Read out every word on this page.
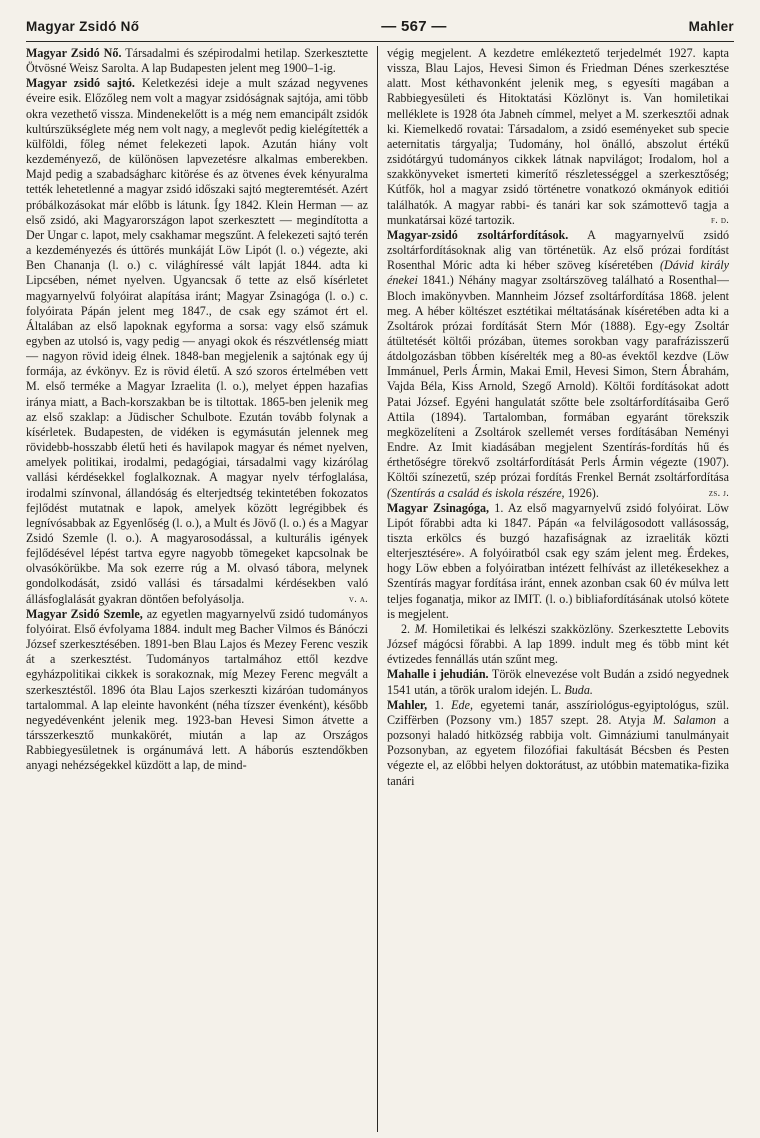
Magyar Zsidó Nő	— 567 —	Mahler

Magyar Zsidó Nő. Társadalmi és szépirodalmi hetilap. Szerkesztette Ötvösné Weisz Sarolta. A lap Budapesten jelent meg 1900–1-ig.

Magyar zsidó sajtó. Keletkezési ideje a mult század negyvenes éveire esik. Előzőleg nem volt a magyar zsidóságnak sajtója, ami több okra vezethető vissza. Mindenekelőtt is a még nem emancipált zsidók kultúrszükséglete még nem volt nagy, a meglevőt pedig kielégítették a külföldi, főleg német felekezeti lapok. Azután hiány volt kezdeményező, de különösen lapvezetésre alkalmas emberekben. Majd pedig a szabadságharc kitörése és az ötvenes évek kényuralma tették lehetetlenné a magyar zsidó időszaki sajtó megteremtését. Azért próbálkozásokat már előbb is látunk. Így 1842. Klein Herman — az első zsidó, aki Magyarországon lapot szerkesztett — megindította a Der Ungar c. lapot, mely csakhamar megszűnt. A felekezeti sajtó terén a kezdeményezés és úttörés munkáját Löw Lipót (l. o.) végezte, aki Ben Chananja (l. o.) c. világhíressé vált lapját 1844. adta ki Lipcsében, német nyelven. Ugyancsak ő tette az első kísérletet magyarnyelvű folyóirat alapítása iránt; Magyar Zsinagóga (l. o.) c. folyóirata Pápán jelent meg 1847., de csak egy számot ért el. Általában az első lapoknak egyforma a sorsa: vagy első számuk egyben az utolsó is, vagy pedig — anyagi okok és részvétlenség miatt — nagyon rövid ideig élnek. 1848-ban megjelenik a sajtónak egy új formája, az évkönyv. Ez is rövid életű. A szó szoros értelmében vett M. első terméke a Magyar Izraelita (l. o.), melyet éppen hazafias iránya miatt, a Bach-korszakban be is tiltottak. 1865-ben jelenik meg az első szaklap: a Jüdischer Schulbote. Ezután tovább folynak a kísérletek. Budapesten, de vidéken is egymásután jelennek meg rövidebb-hosszabb életű heti és havilapok magyar és német nyelven, amelyek politikai, irodalmi, pedagógiai, társadalmi vagy kizárólag vallási kérdésekkel foglalkoznak. A magyar nyelv térfoglalása, irodalmi színvonal, állandóság és elterjedtség tekintetében fokozatos fejlődést mutatnak e lapok, amelyek között legrégibbek és legnívósabbak az Egyenlőség (l. o.), a Mult és Jövő (l. o.) és a Magyar Zsidó Szemle (l. o.). A magyarosodással, a kulturális igények fejlődésével lépést tartva egyre nagyobb tömegeket kapcsolnak be olvasókörükbe. Ma sok ezerre rúg a M. olvasó tábora, melynek gondolkodását, zsidó vallási és társadalmi kérdésekben való állásfoglalását gyakran döntően befolyásolja.	v. a.

Magyar Zsidó Szemle, az egyetlen magyarnyelvű zsidó tudományos folyóirat. Első évfolyama 1884. indult meg Bacher Vilmos és Bánóczi József szerkesztésében. 1891-ben Blau Lajos és Mezey Ferenc veszik át a szerkesztést. Tudományos tartalmához ettől kezdve egyházpolitikai cikkek is sorakoznak, míg Mezey Ferenc megvált a szerkesztéstől. 1896 óta Blau Lajos szerkeszti kizáróan tudományos tartalommal. A lap eleinte havonként (néha tízszer évenként), később negyedévenként jelenik meg. 1923-ban Hevesi Simon átvette a társszerkesztő munkakörét, miután a lap az Országos Rabbiegyesületnek is orgánumává lett. A háborús esztendőkben anyagi nehézségekkel küzdött a lap, de mind-

végig megjelent. A kezdetre emlékeztető terjedelmét 1927. kapta vissza, Blau Lajos, Hevesi Simon és Friedman Dénes szerkesztése alatt. Most kéthavonként jelenik meg, s egyesíti magában a Rabbiegyesületi és Hitoktatási Közlönyt is. Van homiletikai melléklete is 1928 óta Jabneh címmel, melyet a M. szerkesztői adnak ki. Kiemelkedő rovatai: Társadalom, a zsidó eseményeket sub specie aeternitatis tárgyalja; Tudomány, hol önálló, abszolut értékű zsidótárgyú tudományos cikkek látnak napvilágot; Irodalom, hol a szakkönyveket ismerteti kimerítő részletességgel a szerkesztőség; Kútfők, hol a magyar zsidó történetre vonatkozó okmányok editiói találhatók. A magyar rabbi- és tanári kar sok számottevő tagja a munkatársai közé tartozik.	f. d.

Magyar-zsidó zsoltárfordítások. A magyarnyelvű zsidó zsoltárfordításoknak alig van történetük. Az első prózai fordítást Rosenthal Móric adta ki héber szöveg kíséretében (Dávid király énekei 1841.) Néhány magyar zsoltárszöveg található a Rosenthal—Bloch imakönyvben. Mannheim József zsoltárfordítása 1868. jelent meg. A héber költészet esztétikai méltatásának kíséretében adta ki a Zsoltárok prózai fordítását Stern Mór (1888). Egy-egy Zsoltár átültetését költői prózában, ütemes sorokban vagy parafrázisszerű átdolgozásban többen kísérelték meg a 80-as évektől kezdve (Löw Immánuel, Perls Ármin, Makai Emil, Hevesi Simon, Stern Ábrahám, Vajda Béla, Kiss Arnold, Szegő Arnold). Költői fordításokat adott Patai József. Egyéni hangulatát szőtte bele zsoltárfordításaiba Gerő Attila (1894). Tartalomban, formában egyaránt törekszik megközelíteni a Zsoltárok szellemét verses fordításában Neményi Endre. Az Imit kiadásában megjelent Szentírás-fordítás hű és érthetőségre törekvő zsoltárfordítását Perls Ármin végezte (1907). Költői színezetű, szép prózai fordítás Frenkel Bernát zsoltárfordítása (Szentírás a család és iskola részére, 1926).	zs. j.

Magyar Zsinagóga, 1. Az első magyarnyelvű zsidó folyóirat. Löw Lipót főrabbi adta ki 1847. Pápán «a felvilágosodott vallásosság, tiszta erkölcs és buzgó hazafiságnak az izraeliták közti elterjesztésére». A folyóiratból csak egy szám jelent meg. Érdekes, hogy Löw ebben a folyóiratban intézett felhívást az illetékesekhez a Szentírás magyar fordítása iránt, ennek azonban csak 60 év múlva lett teljes foganatja, mikor az IMIT. (l. o.) bibliafordításának utolsó kötete is megjelent.

2. M. Homiletikai és lelkészi szakközlöny. Szerkesztette Lebovits József mágócsi főrabbi. A lap 1899. indult meg és több mint két évtizedes fennállás után szűnt meg.

Mahalle i jehudián. Török elnevezése volt Budán a zsidó negyednek 1541 után, a török uralom idején. L. Buda.

Mahler, 1. Ede, egyetemi tanár, asszíriológus-egyiptológus, szül. Cziffërben (Pozsony vm.) 1857 szept. 28. Atyja M. Salamon a pozsonyi haladó hitközség rabbija volt. Gimnáziumi tanulmányait Pozsonyban, az egyetem filozófiai fakultását Bécsben és Pesten végezte el, az előbbi helyen doktorátust, az utóbbin matematika-fizika tanári
